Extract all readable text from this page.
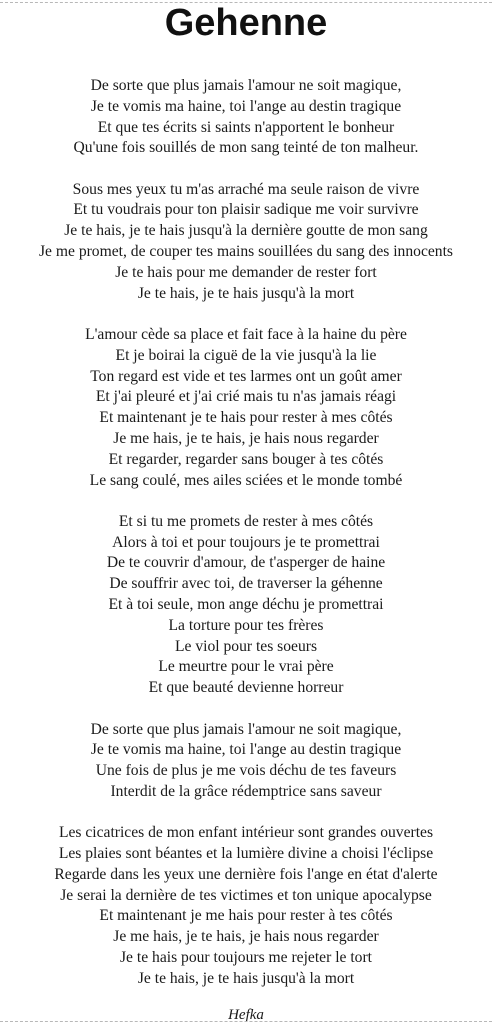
Gehenne
De sorte que plus jamais l'amour ne soit magique,
Je te vomis ma haine, toi l'ange au destin tragique
Et que tes écrits si saints n'apportent le bonheur
Qu'une fois souillés de mon sang teinté de ton malheur.
Sous mes yeux tu m'as arraché ma seule raison de vivre
Et tu voudrais pour ton plaisir sadique me voir survivre
Je te hais, je te hais jusqu'à la dernière goutte de mon sang
Je me promet, de couper tes mains souillées du sang des innocents
Je te hais pour me demander de rester fort
Je te hais, je te hais jusqu'à la mort
L'amour cède sa place et fait face à la haine du père
Et je boirai la ciguë de la vie jusqu'à la lie
Ton regard est vide et tes larmes ont un goût amer
Et j'ai pleuré et j'ai crié mais tu n'as jamais réagi
Et maintenant je te hais pour rester à mes côtés
Je me hais, je te hais, je hais nous regarder
Et regarder, regarder sans bouger à tes côtés
Le sang coulé, mes ailes sciées et le monde tombé
Et si tu me promets de rester à mes côtés
Alors à toi et pour toujours je te promettrai
De te couvrir d'amour, de t'asperger de haine
De souffrir avec toi, de traverser la géhenne
Et à toi seule, mon ange déchu je promettrai
La torture pour tes frères
Le viol pour tes soeurs
Le meurtre pour le vrai père
Et que beauté devienne horreur
De sorte que plus jamais l'amour ne soit magique,
Je te vomis ma haine, toi l'ange au destin tragique
Une fois de plus je me vois déchu de tes faveurs
Interdit de la grâce rédemptrice sans saveur
Les cicatrices de mon enfant intérieur sont grandes ouvertes
Les plaies sont béantes et la lumière divine a choisi l'éclipse
Regarde dans les yeux une dernière fois l'ange en état d'alerte
Je serai la dernière de tes victimes et ton unique apocalypse
Et maintenant je me hais pour rester à tes côtés
Je me hais, je te hais, je hais nous regarder
Je te hais pour toujours me rejeter le tort
Je te hais, je te hais jusqu'à la mort
Hefka
